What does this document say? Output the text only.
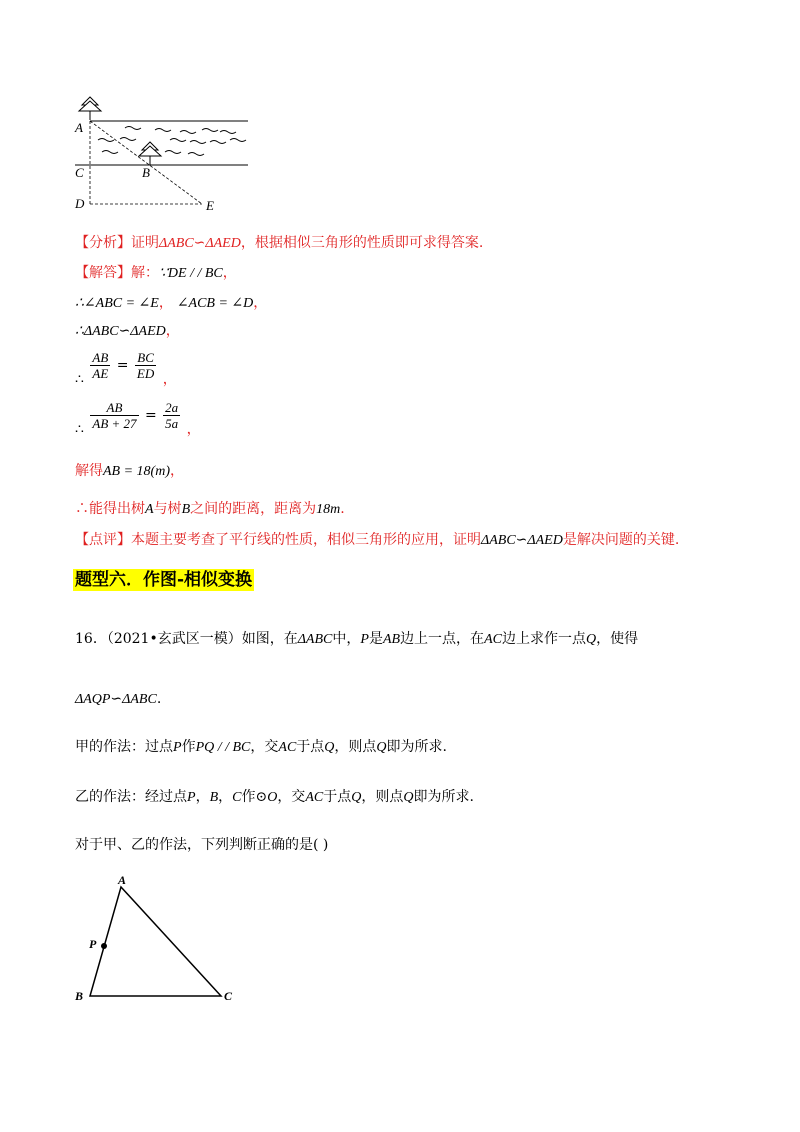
A
C	B
D	E
【分析】证明ΔABC∽ΔAED，根据相似三角形的性质即可求得答案.
【解答】解：∵DE / / BC，
∴∠ABC = ∠E， ∠ACB = ∠D，
∴ΔABC∽ΔAED，
∴ $\frac{AB}{AE} = \frac{BC}{ED}$ ，
∴ $\frac{AB}{AB + 27} = \frac{2a}{5a}$ ，
解得AB = 18(m)，
∴能得出树A与树B之间的距离，距离为18m.
【点评】本题主要考查了平行线的性质，相似三角形的应用，证明ΔABC∽ΔAED是解决问题的关键.
题型六．作图-相似变换
16．（2021•玄武区一模）如图，在ΔABC中，P是AB边上一点，在AC边上求作一点Q，使得
ΔAQP∽ΔABC.
甲的作法：过点P作PQ / / BC，交AC于点Q，则点Q即为所求.
乙的作法：经过点P，B，C作⊙O，交AC于点Q，则点Q即为所求.
对于甲、乙的作法，下列判断正确的是( )
A
P
B	C
